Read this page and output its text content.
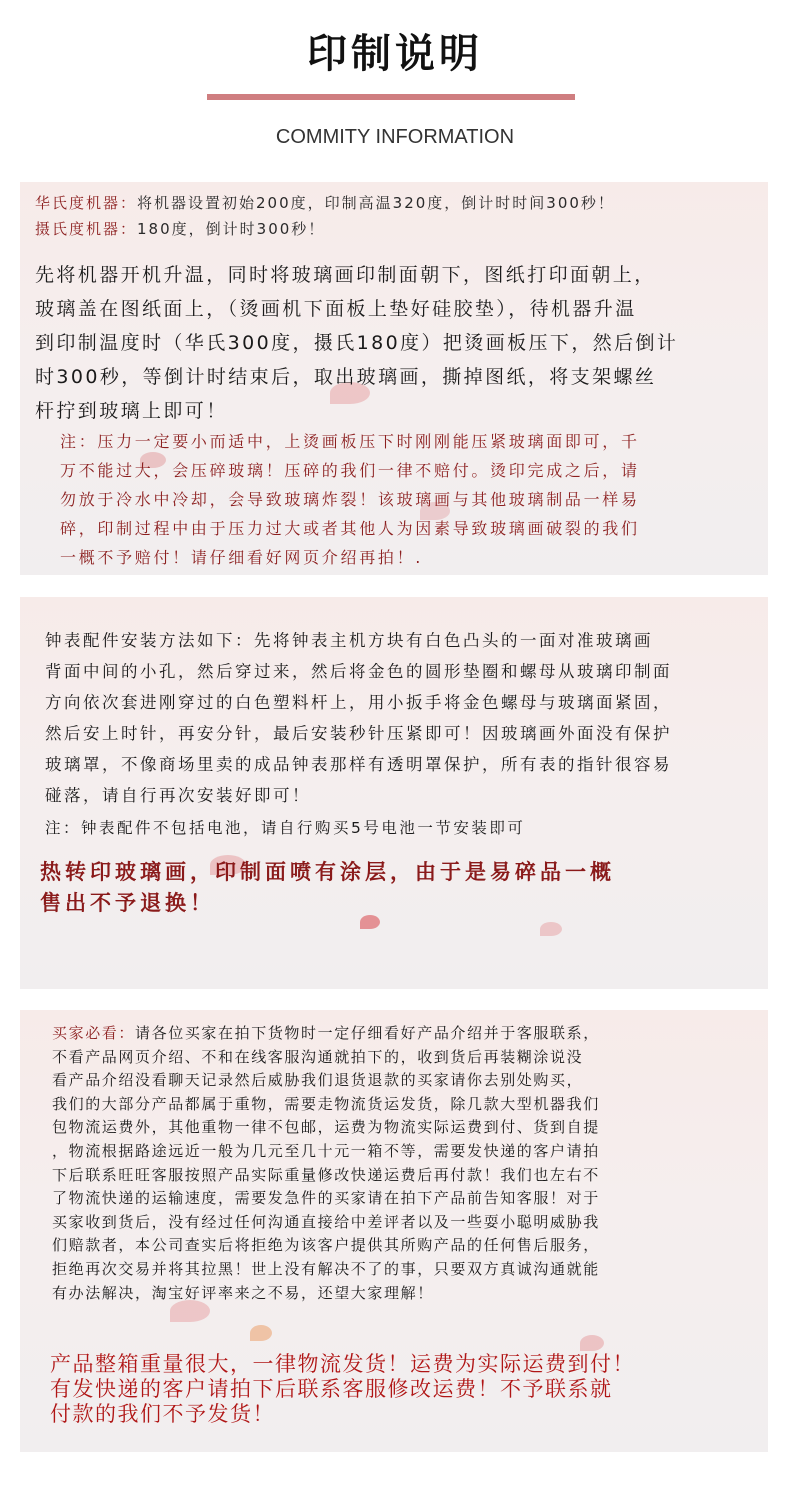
印制说明
COMMITY INFORMATION
华氏度机器：将机器设置初始200度，印制高温320度，倒计时时间300秒！
摄氏度机器：180度，倒计时300秒！
先将机器开机升温，同时将玻璃画印制面朝下，图纸打印面朝上，
玻璃盖在图纸面上，（烫画机下面板上垫好硅胶垫），待机器升温
到印制温度时（华氏300度，摄氏180度）把烫画板压下，然后倒计
时300秒，等倒计时结束后，取出玻璃画，撕掉图纸，将支架螺丝
杆拧到玻璃上即可！
注：压力一定要小而适中，上烫画板压下时刚刚能压紧玻璃面即可，千
万不能过大，会压碎玻璃！压碎的我们一律不赔付。烫印完成之后，请
勿放于冷水中冷却，会导致玻璃炸裂！该玻璃画与其他玻璃制品一样易
碎，印制过程中由于压力过大或者其他人为因素导致玻璃画破裂的我们
一概不予赔付！请仔细看好网页介绍再拍！.
钟表配件安装方法如下：先将钟表主机方块有白色凸头的一面对准玻璃画
背面中间的小孔，然后穿过来，然后将金色的圆形垫圈和螺母从玻璃印制面
方向依次套进刚穿过的白色塑料杆上，用小扳手将金色螺母与玻璃面紧固，
然后安上时针，再安分针，最后安装秒针压紧即可！因玻璃画外面没有保护
玻璃罩，不像商场里卖的成品钟表那样有透明罩保护，所有表的指针很容易
碰落，请自行再次安装好即可！
注：钟表配件不包括电池，请自行购买5号电池一节安装即可
热转印玻璃画，印制面喷有涂层，由于是易碎品一概
售出不予退换！
买家必看：请各位买家在拍下货物时一定仔细看好产品介绍并于客服联系，
不看产品网页介绍、不和在线客服沟通就拍下的，收到货后再装糊涂说没
看产品介绍没看聊天记录然后威胁我们退货退款的买家请你去别处购买，
我们的大部分产品都属于重物，需要走物流货运发货，除几款大型机器我们
包物流运费外，其他重物一律不包邮，运费为物流实际运费到付、货到自提
，物流根据路途远近一般为几元至几十元一箱不等，需要发快递的客户请拍
下后联系旺旺客服按照产品实际重量修改快递运费后再付款！我们也左右不
了物流快递的运输速度，需要发急件的买家请在拍下产品前告知客服！对于
买家收到货后，没有经过任何沟通直接给中差评者以及一些耍小聪明威胁我
们赔款者，本公司查实后将拒绝为该客户提供其所购产品的任何售后服务，
拒绝再次交易并将其拉黑！世上没有解决不了的事，只要双方真诚沟通就能
有办法解决，淘宝好评率来之不易，还望大家理解！
产品整箱重量很大，一律物流发货！运费为实际运费到付！
有发快递的客户请拍下后联系客服修改运费！不予联系就
付款的我们不予发货！
